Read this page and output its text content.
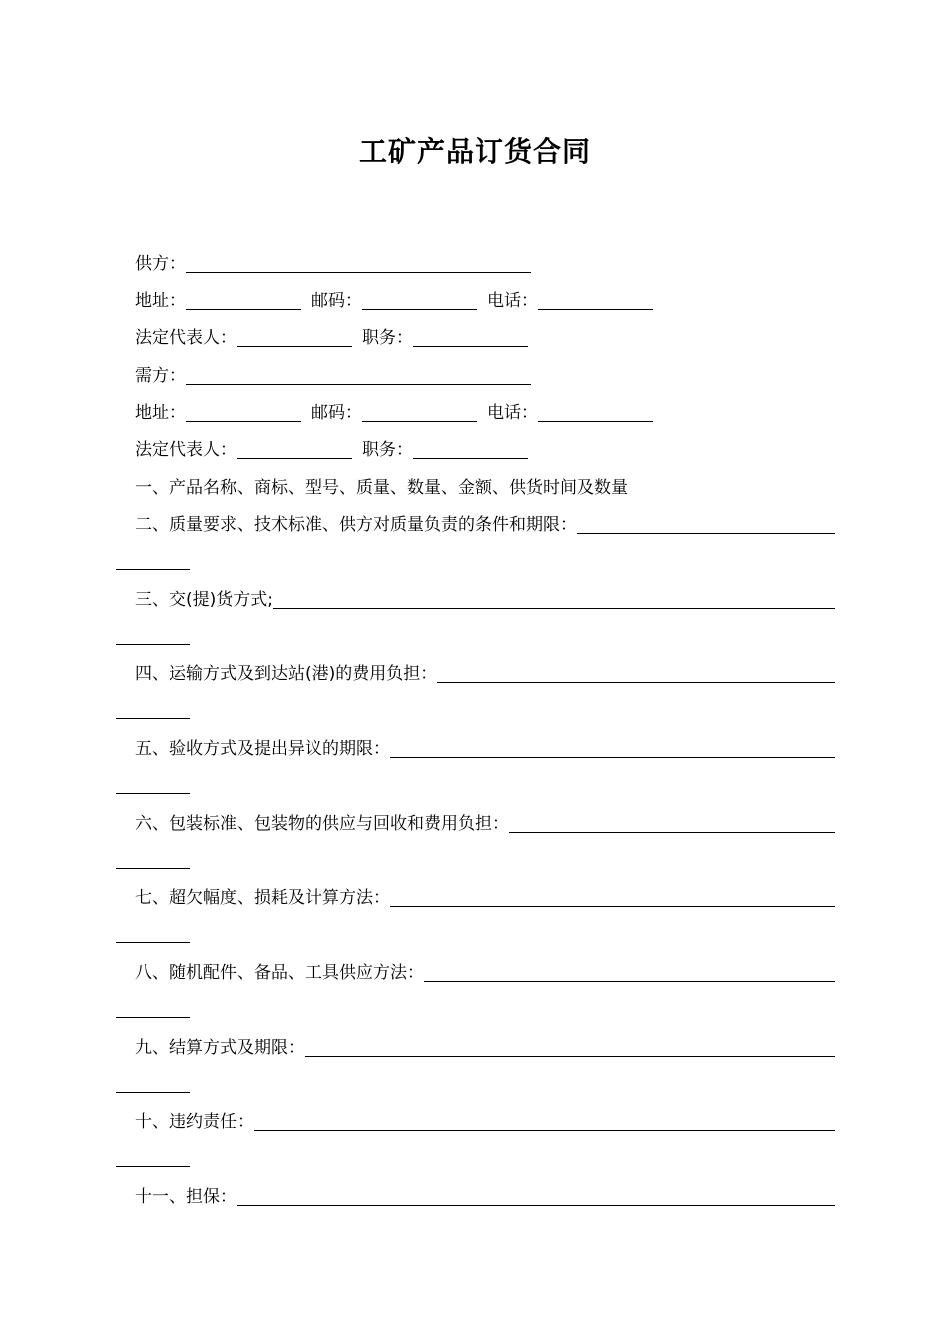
工矿产品订货合同
供方：
地址：	邮码：	电话：
法定代表人：	职务：
需方：
地址：	邮码：	电话：
法定代表人：	职务：
一、产品名称、商标、型号、质量、数量、金额、供货时间及数量
二、质量要求、技术标准、供方对质量负责的条件和期限：
三、交(提)货方式;
四、运输方式及到达站(港)的费用负担：
五、验收方式及提出异议的期限：
六、包装标准、包装物的供应与回收和费用负担：
七、超欠幅度、损耗及计算方法：
八、随机配件、备品、工具供应方法：
九、结算方式及期限：
十、违约责任：
十一、担保：
